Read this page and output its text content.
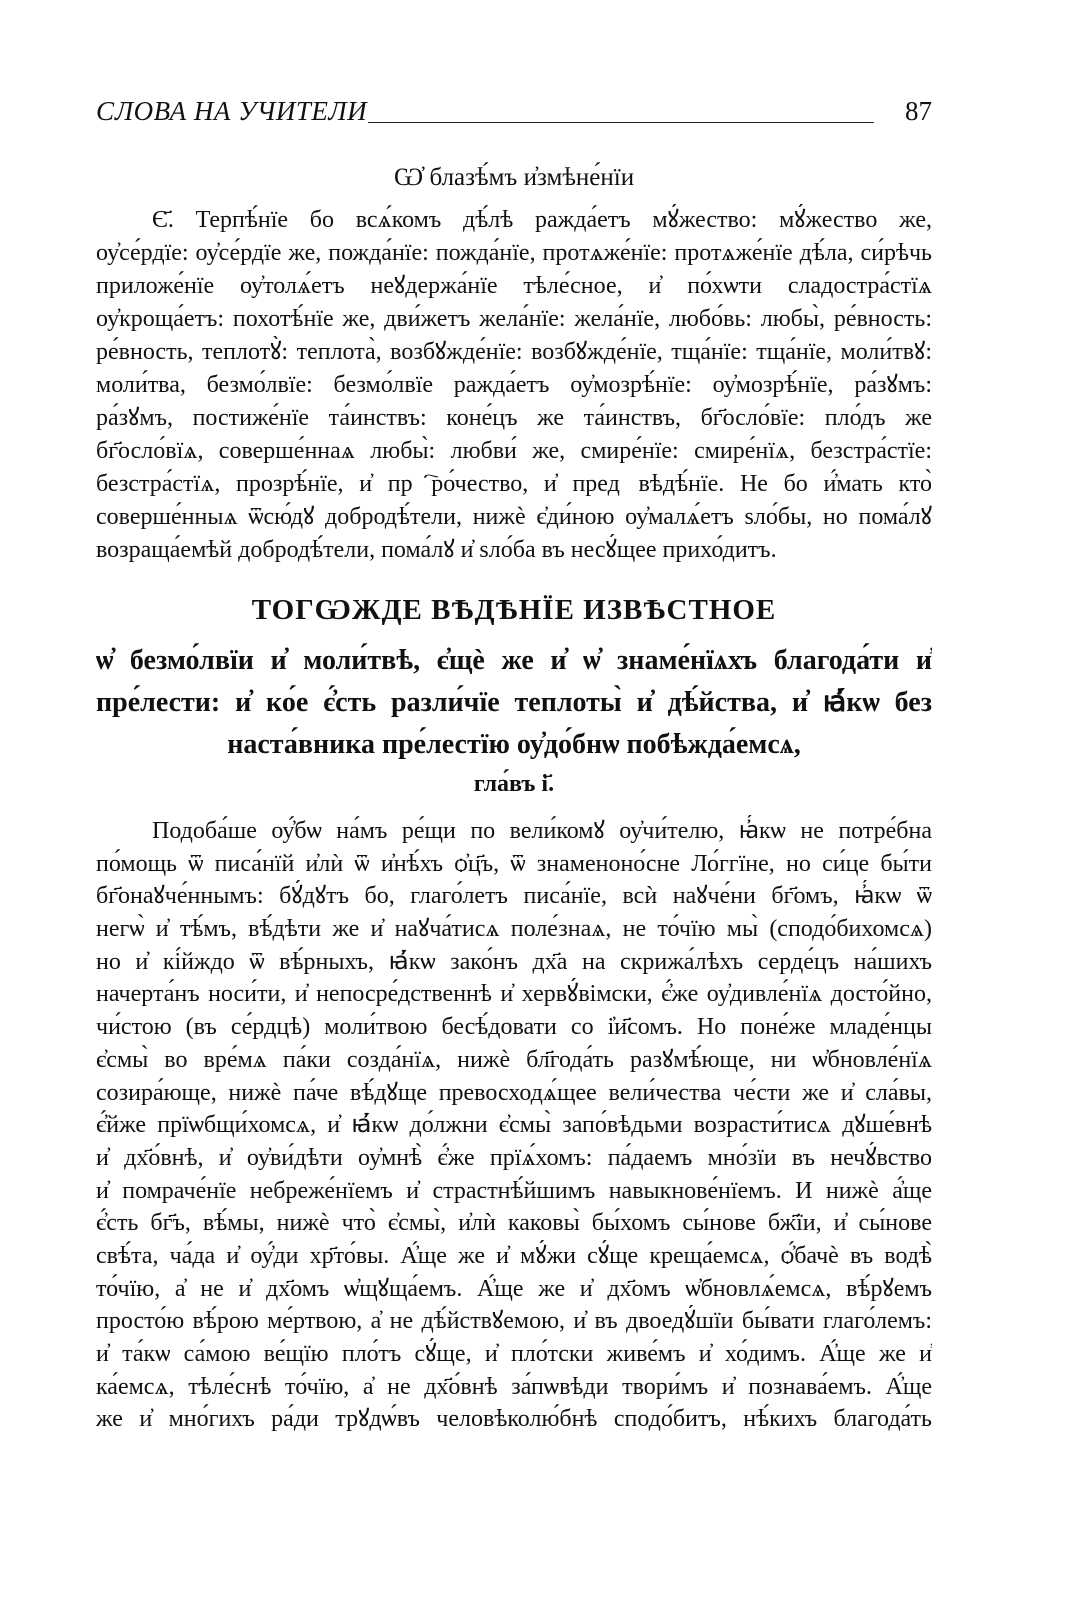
СЛОВА НА УЧИТЕЛИ	87
Ѡ҆ блазѣ́мъ и҆змѣне́нїи
Є҃. Терпѣ́нїе бо всѧ́комъ дѣ́лѣ ражда́етъ мꙋ́жество: мꙋ́жество же,
оу҆се́рдїе: оу҆се́рдїе же, пожда́нїе: пожда́нїе, протѧже́нїе: протѧже́нїе дѣ́ла, си́рѣчь
приложе́нїе оу҆толѧ́етъ неꙋдержа́нїе тѣле́сное, и҆ по́хѡти сладостра́стїѧ
оу҆кроща́етъ: похотѣ́нїе же, дви́жетъ жела́нїе: жела́нїе, любо́вь: любы̀, ре́вность:
ре́вность, теплотꙋ̀: теплота̀, возбꙋжде́нїе: возбꙋжде́нїе, тща́нїе: тща́нїе, моли́твꙋ:
моли́тва, безмо́лвїе: безмо́лвїе ражда́етъ оу҆мозрѣ́нїе: оу҆мозрѣ́нїе, ра́зꙋмъ:
ра́зꙋмъ, постиже́нїе та́инствъ: коне́цъ же та́инствъ, бг҃осло́вїе: пло́дъ же
бг҃осло́вїѧ, соверше́ннаѧ любы̀: любви́ же, смире́нїе: смире́нїѧ, безстра́стїе:
безстра́стїѧ, прозрѣ́нїе, и҆ прⷪ҇ро́чество, и҆ предꙋвѣдѣ́нїе. Не бо и҆́мать кто̀
соверше́нныѧ ѿсю́дꙋ добродѣ́тели, нижѐ є҆ди́ною оу҆малѧ́етъ ѕло́бы, но пома́лꙋ
возраща́емѣй добродѣ́тели, пома́лꙋ и҆ ѕло́ба въ несꙋ́щее прихо́дитъ.
ТОГѠЖДЕ ВѢДѢНЇЕ ИЗВѢСТНОЕ
ѡ҆ безмо́лвїи и҆ моли́твѣ, є҆щѐ же и҆ ѡ҆ знаме́нїѧхъ благода́ти и҆
пре́лести: и҆ ко́е є҆́сть разли́чїе теплоты̀ и҆ дѣ́йства, и҆ ꙗ҆́кѡ без
наста́вника пре́лестїю оу҆до́бнѡ побѣжда́емсѧ,
гла́въ і҃.
Подоба́ше оу҆́бѡ на́мъ ре́щи по вели́комꙋ оу҆чи́телю, ꙗ҆́кѡ не потре́бна
по́мощь ѿ писа́нїй и҆лѝ ѿ и҆нѣ́хъ ѻ҆ц҃ъ, ѿ знаменоно́сне Ло́ггїне, но си́це бы́ти
бг҃онаꙋче́ннымъ: бꙋ́дꙋтъ бо, глаго́летъ писа́нїе, всѝ наꙋче́ни бг҃омъ, ꙗ҆́кѡ ѿ
негѡ̀ и҆ тѣ́мъ, вѣ́дѣти же и҆ наꙋча́тисѧ поле́знаѧ, не то́чїю мы̀ (сподо́бихомсѧ)
но и҆ кі́йждо ѿ вѣ́рныхъ, ꙗ҆́кѡ зако́нъ дх҃а на скрижа́лѣхъ серде́цъ на́шихъ
начерта́нъ носи́ти, и҆ непосре́дственнѣ и҆ хервꙋ́вімски, є҆́же оу҆дивле́нїѧ досто́йно,
чи́стою (въ се́рдцѣ) моли́твою бесѣ́довати со і҆и҃сомъ. Но поне́же младе́нцы
є҆смы̀ во вре́мѧ па́ки созда́нїѧ, нижѐ бл҃года́ть разꙋмѣ́юще, ни ѡ҆бновле́нїѧ
созира́юще, нижѐ па́че вѣ́дꙋще превосходѧ́щее вели́чества че́сти же и҆ сла́вы,
є҆́йже прїѡбщи́хомсѧ, и҆ ꙗ҆́кѡ до́лжни є҆смы̀ запо́вѣдьми возрасти́тисѧ дꙋше́внѣ
и҆ дх҃о́внѣ, и҆ оу҆ви́дѣти оу҆мнѣ̀ є҆́же прїѧ́хомъ: па́даемъ мно́зїи въ нечꙋ́вство
и҆ помраче́нїе небреже́нїемъ и҆ страстнѣ́йшимъ навыкнове́нїемъ. И нижѐ а҆́ще
є҆́сть бг҃ъ, вѣ́мы, нижѐ что̀ є҆смы̀, и҆лѝ каковы̀ бы́хомъ сы́нове бж҃їи, и҆ сы́нове
свѣ́та, ча́да и҆ оу҆́ди хр҃то́вы. А҆́ще же и҆ мꙋ́жи сꙋ́ще креща́емсѧ, ѻ҆́бачѐ въ водѣ̀
то́чїю, а҆ не и҆ дх҃омъ ѡ҆щꙋща́емъ. А҆́ще же и҆ дх҃омъ ѡ҆бновлѧ́емсѧ, вѣ́рꙋемъ
просто́ю вѣ́рою ме́ртвою, а҆ не дѣ́йствꙋемою, и҆ въ двоедꙋ́шїи бы́вати глаго́лемъ:
и҆ та́кѡ са́мою ве́щїю пло́тъ сꙋ́ще, и҆ пло́тски живе́мъ и҆ хо́димъ. А҆́ще же и҆
ка́емсѧ, тѣле́снѣ то́чїю, а҆ не дх҃о́внѣ за́пѡвѣди твори́мъ и҆ познава́емъ. А҆́ще
же и҆ мно́гихъ ра́ди трꙋдѡ́въ человѣколю́бнѣ сподо́битъ, нѣ́кихъ благода́ть
